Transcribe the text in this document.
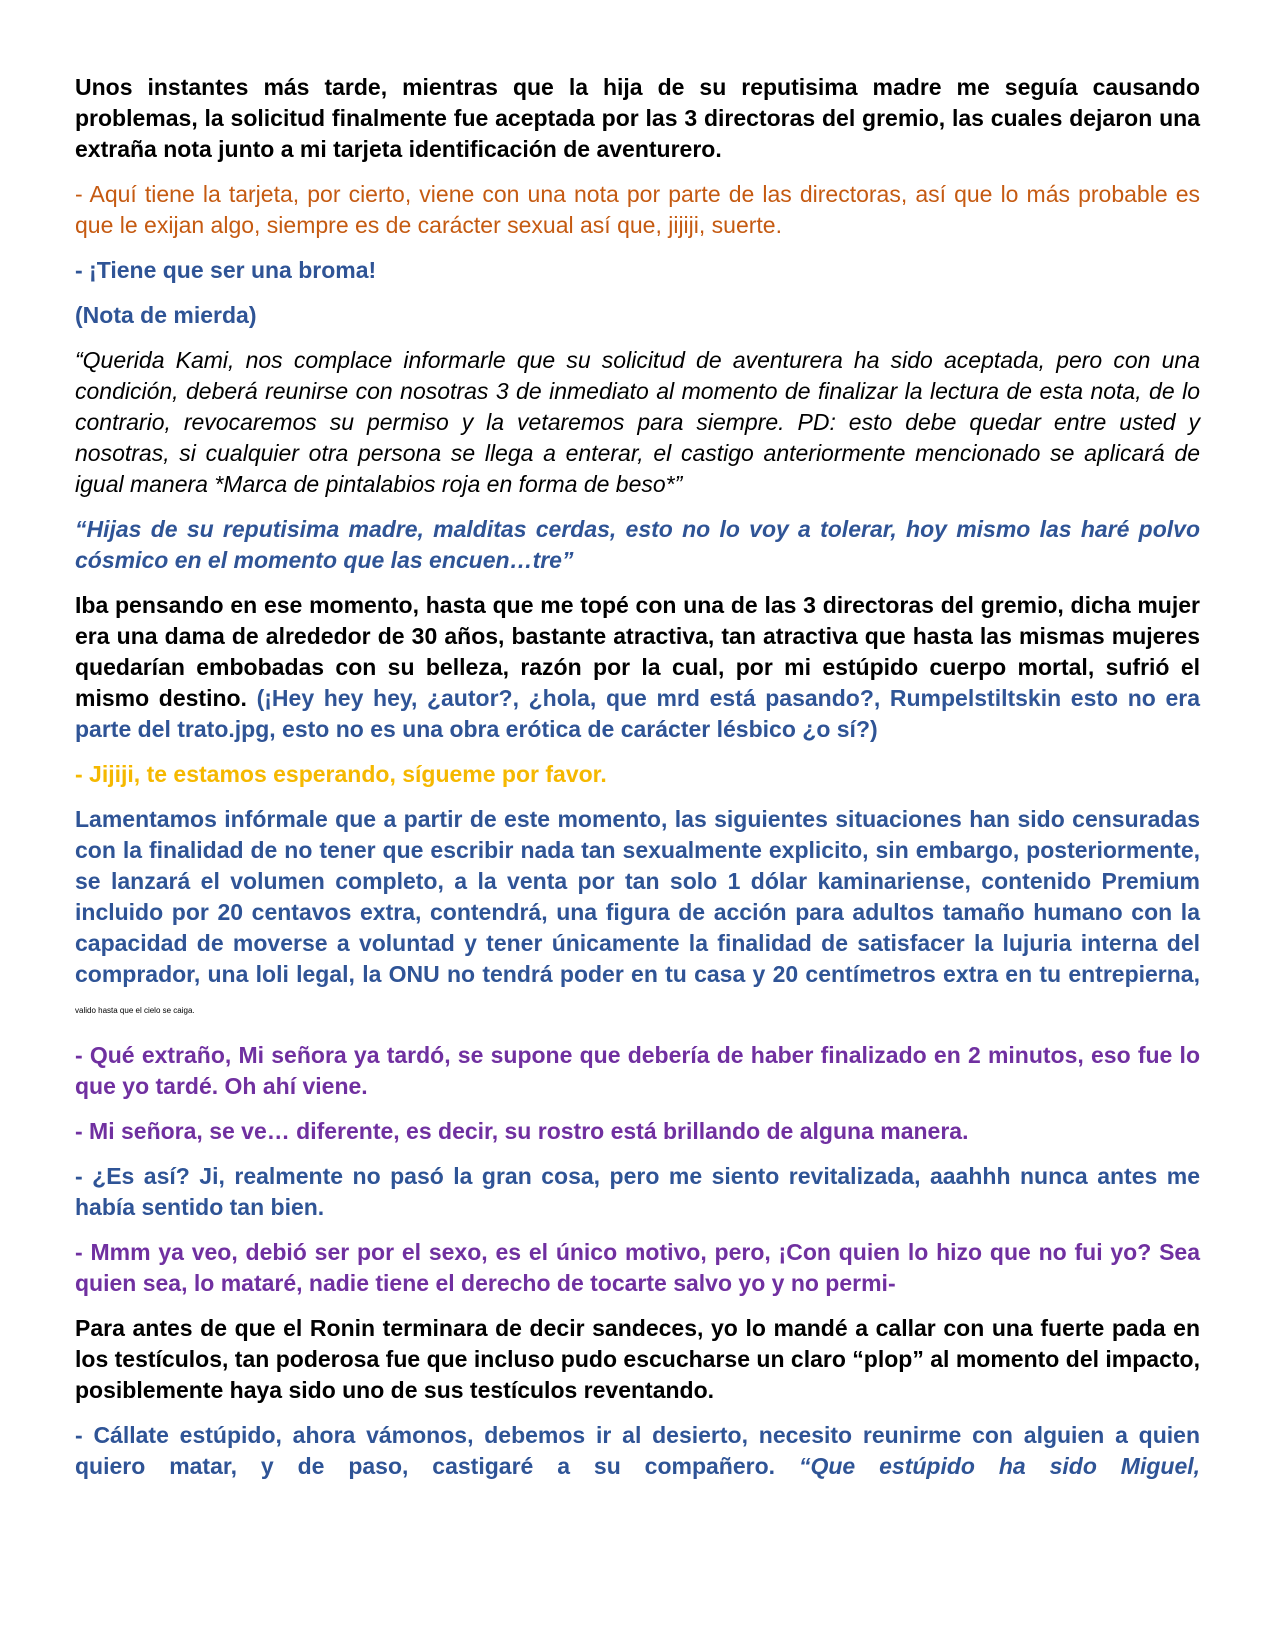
Unos instantes más tarde, mientras que la hija de su reputisima madre me seguía causando problemas, la solicitud finalmente fue aceptada por las 3 directoras del gremio, las cuales dejaron una extraña nota junto a mi tarjeta identificación de aventurero.

- Aquí tiene la tarjeta, por cierto, viene con una nota por parte de las directoras, así que lo más probable es que le exijan algo, siempre es de carácter sexual así que, jijiji, suerte.

- ¡Tiene que ser una broma!

(Nota de mierda)

“Querida Kami, nos complace informarle que su solicitud de aventurera ha sido aceptada, pero con una condición, deberá reunirse con nosotras 3 de inmediato al momento de finalizar la lectura de esta nota, de lo contrario, revocaremos su permiso y la vetaremos para siempre. PD: esto debe quedar entre usted y nosotras, si cualquier otra persona se llega a enterar, el castigo anteriormente mencionado se aplicará de igual manera *Marca de pintalabios roja en forma de beso*”

“Hijas de su reputisima madre, malditas cerdas, esto no lo voy a tolerar, hoy mismo las haré polvo cósmico en el momento que las encuen…tre”

Iba pensando en ese momento, hasta que me topé con una de las 3 directoras del gremio, dicha mujer era una dama de alrededor de 30 años, bastante atractiva, tan atractiva que hasta las mismas mujeres quedarían embobadas con su belleza, razón por la cual, por mi estúpido cuerpo mortal, sufrió el mismo destino. (¡Hey hey hey, ¿autor?, ¿hola, que mrd está pasando?, Rumpelstiltskin esto no era parte del trato.jpg, esto no es una obra erótica de carácter lésbico ¿o sí?)

- Jijiji, te estamos esperando, sígueme por favor.

Lamentamos infórmale que a partir de este momento, las siguientes situaciones han sido censuradas con la finalidad de no tener que escribir nada tan sexualmente explicito, sin embargo, posteriormente, se lanzará el volumen completo, a la venta por tan solo 1 dólar kaminariense, contenido Premium incluido por 20 centavos extra, contendrá, una figura de acción para adultos tamaño humano con la capacidad de moverse a voluntad y tener únicamente la finalidad de satisfacer la lujuria interna del comprador, una loli legal, la ONU no tendrá poder en tu casa y 20 centímetros extra en tu entrepierna, valido hasta que el cielo se caiga.

- Qué extraño, Mi señora ya tardó, se supone que debería de haber finalizado en 2 minutos, eso fue lo que yo tardé. Oh ahí viene.

- Mi señora, se ve… diferente, es decir, su rostro está brillando de alguna manera.

- ¿Es así? Ji, realmente no pasó la gran cosa, pero me siento revitalizada, aaahhh nunca antes me había sentido tan bien.

- Mmm ya veo, debió ser por el sexo, es el único motivo, pero, ¡Con quien lo hizo que no fui yo? Sea quien sea, lo mataré, nadie tiene el derecho de tocarte salvo yo y no permi-

Para antes de que el Ronin terminara de decir sandeces, yo lo mandé a callar con una fuerte pada en los testículos, tan poderosa fue que incluso pudo escucharse un claro “plop” al momento del impacto, posiblemente haya sido uno de sus testículos reventando.

- Cállate estúpido, ahora vámonos, debemos ir al desierto, necesito reunirme con alguien a quien quiero matar, y de paso, castigaré a su compañero. “Que estúpido ha sido Miguel,
